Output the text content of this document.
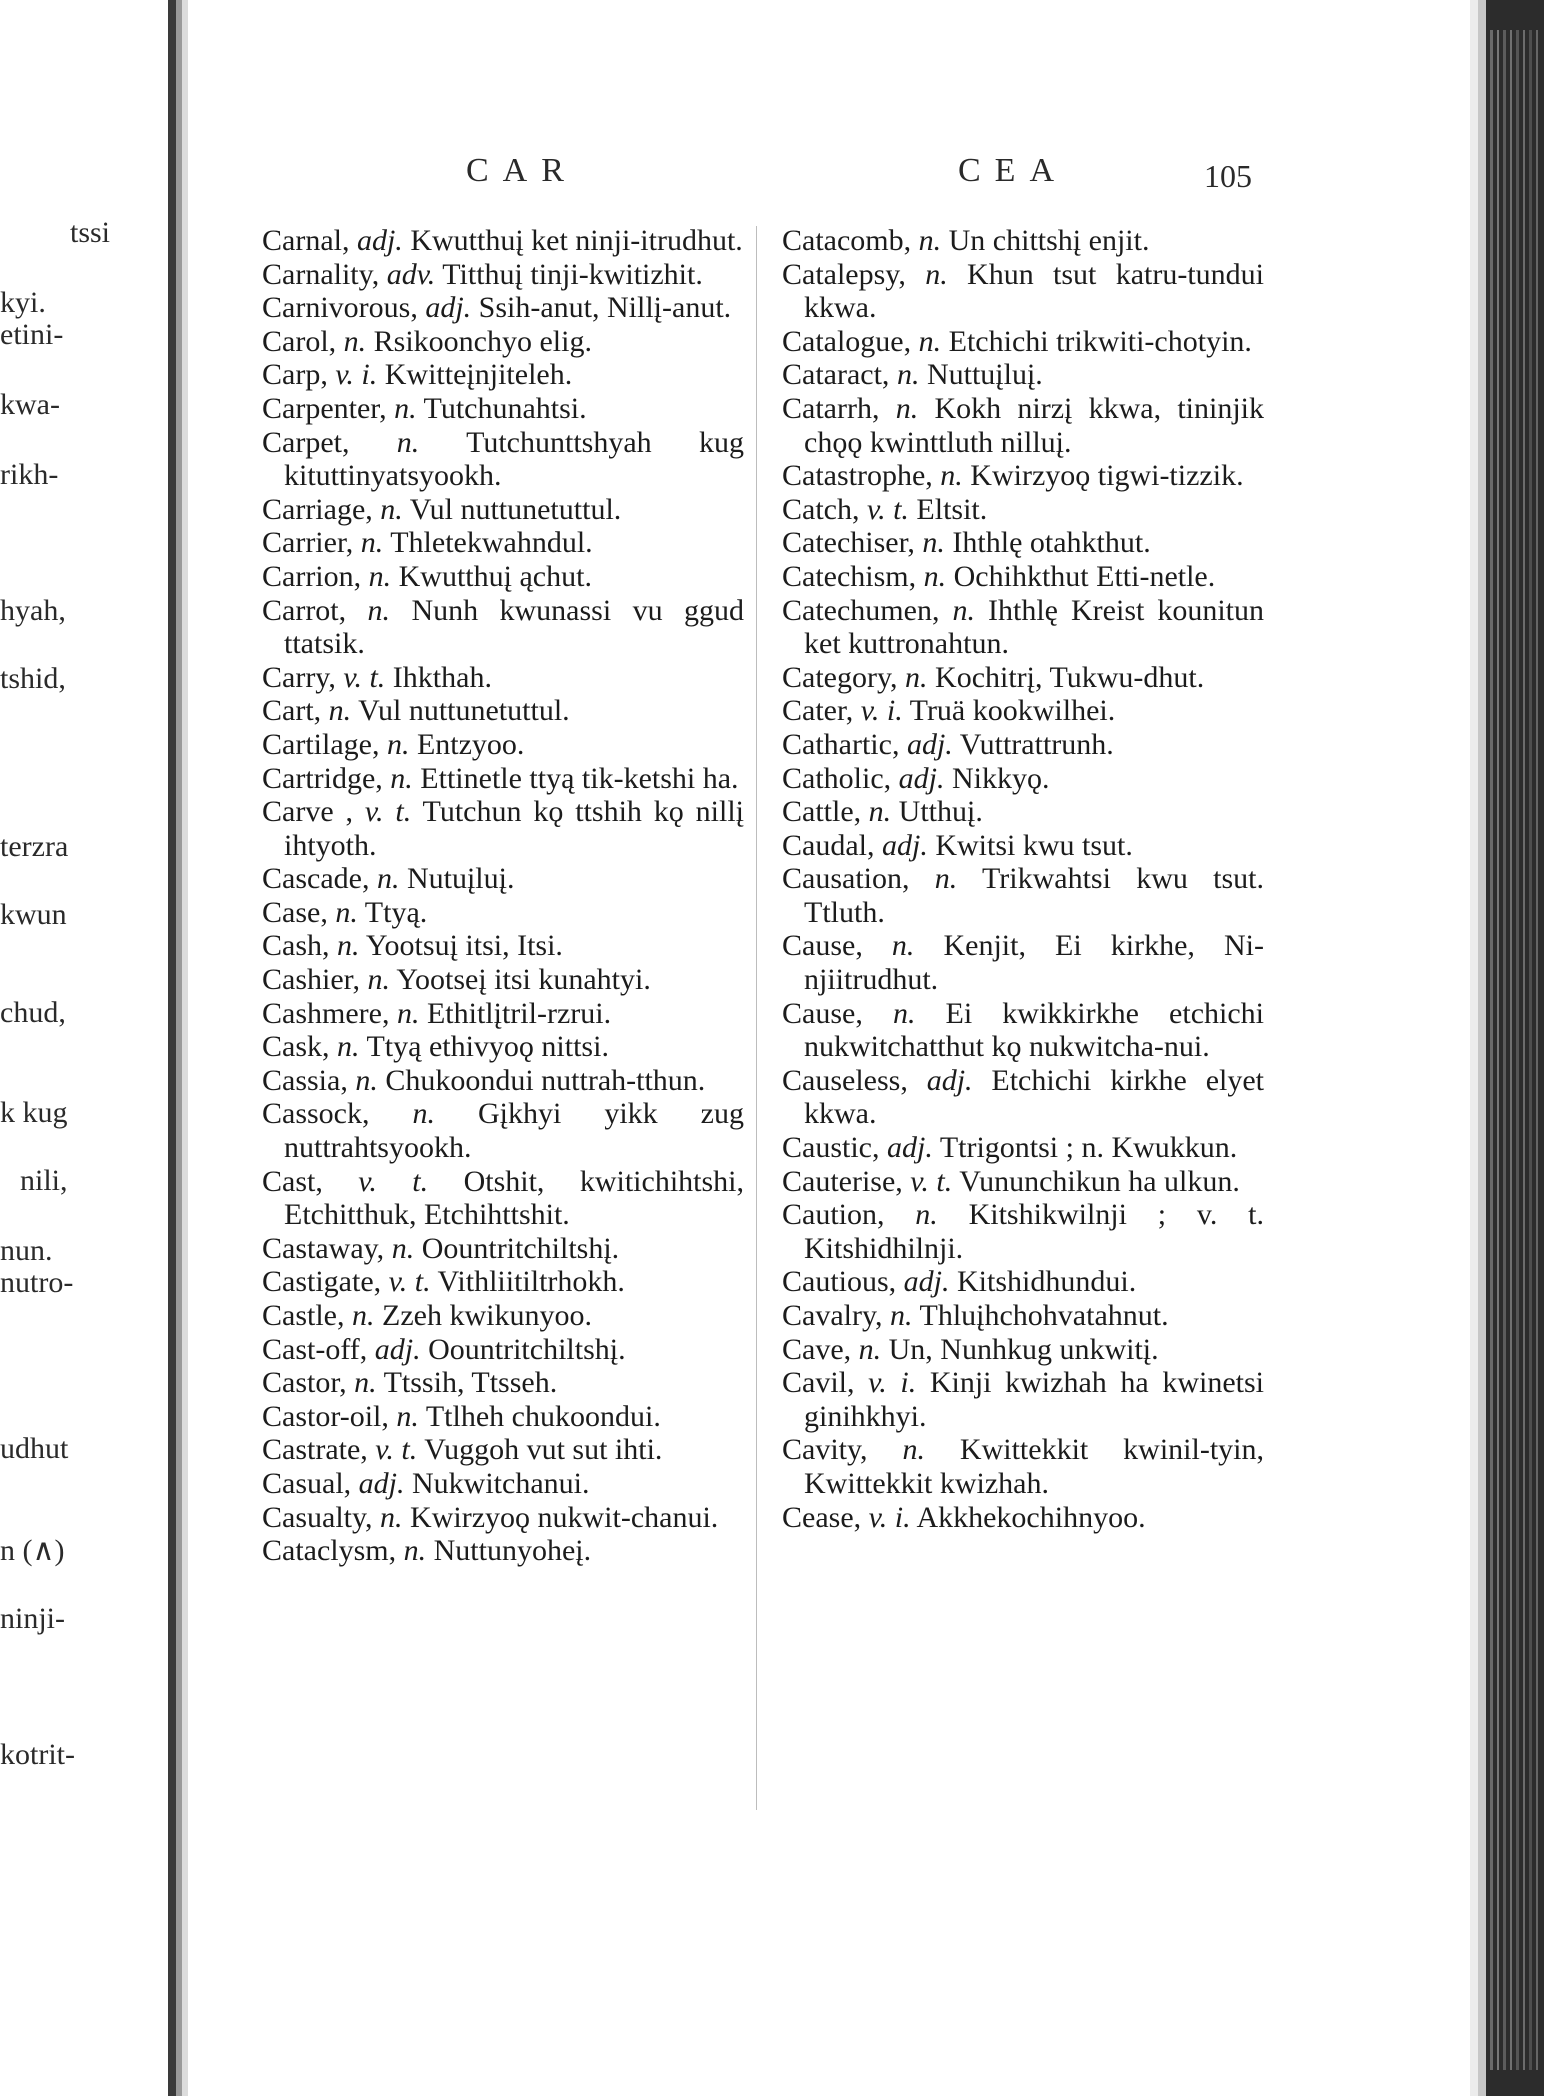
tssi
kyi.
etini-
kwa-
rikh-
hyah,
tshid,
terzra
kwun
chud,
k kug
nili,
nun.
nutro-
udhut
n (∧)
ninji-
kotrit-
CAR	CEA	105
Carnal, adj. Kwutthuį ket ninji-itrudhut.
Carnality, adv. Titthuį tinji-kwitizhit.
Carnivorous, adj. Ssih-anut, Nillį-anut.
Carol, n. Rsikoonchyo elig.
Carp, v. i. Kwitteįnjiteleh.
Carpenter, n. Tutchunahtsi.
Carpet, n. Tutchunttshyah kug kituttinyatsyookh.
Carriage, n. Vul nuttunetuttul.
Carrier, n. Thletekwahndul.
Carrion, n. Kwutthuį ąchut.
Carrot, n. Nunh kwunassi vu ggud ttatsik.
Carry, v. t. Ihkthah.
Cart, n. Vul nuttunetuttul.
Cartilage, n. Entzyoo.
Cartridge, n. Ettinetle ttyą tik-ketshi ha.
Carve , v. t. Tutchun kǫ ttshih kǫ nillį ihtyoth.
Cascade, n. Nutuįluį.
Case, n. Ttyą.
Cash, n. Yootsuį itsi, Itsi.
Cashier, n. Yootseį itsi kunahtyi.
Cashmere, n. Ethitlįtril-rzrui.
Cask, n. Ttyą ethivyoǫ nittsi.
Cassia, n. Chukoondui nuttrah-tthun.
Cassock, n. Gįkhyi yikk zug nuttrahtsyookh.
Cast, v. t. Otshit, kwitichihtshi, Etchitthuk, Etchihttshit.
Castaway, n. Oountritchiltshį.
Castigate, v. t. Vithliitiltrhokh.
Castle, n. Zzeh kwikunyoo.
Cast-off, adj. Oountritchiltshį.
Castor, n. Ttssih, Ttsseh.
Castor-oil, n. Ttlheh chukoondui.
Castrate, v. t. Vuggoh vut sut ihti.
Casual, adj. Nukwitchanui.
Casualty, n. Kwirzyoǫ nukwit-chanui.
Cataclysm, n. Nuttunyoheį.
Catacomb, n. Un chittshį enjit.
Catalepsy, n. Khun tsut katru-tundui kkwa.
Catalogue, n. Etchichi trikwiti-chotyin.
Cataract, n. Nuttuįluį.
Catarrh, n. Kokh nirzį kkwa, tininjik chǫǫ kwinttluth nilluį.
Catastrophe, n. Kwirzyoǫ tigwi-tizzik.
Catch, v. t. Eltsit.
Catechiser, n. Ihthlę otahkthut.
Catechism, n. Ochihkthut Etti-netle.
Catechumen, n. Ihthlę Kreist kounitun ket kuttronahtun.
Category, n. Kochitrį, Tukwu-dhut.
Cater, v. i. Truä kookwilhei.
Cathartic, adj. Vuttrattrunh.
Catholic, adj. Nikkyǫ.
Cattle, n. Utthuį.
Caudal, adj. Kwitsi kwu tsut.
Causation, n. Trikwahtsi kwu tsut. Ttluth.
Cause, n. Kenjit, Ei kirkhe, Ni-njiitrudhut.
Cause, n. Ei kwikkirkhe etchichi nukwitchatthut kǫ nukwitcha-nui.
Causeless, adj. Etchichi kirkhe elyet kkwa.
Caustic, adj. Ttrigontsi ; n. Kwukkun.
Cauterise, v. t. Vununchikun ha ulkun.
Caution, n. Kitshikwilnji ; v. t. Kitshidhilnji.
Cautious, adj. Kitshidhundui.
Cavalry, n. Thluįhchohvatahnut.
Cave, n. Un, Nunhkug unkwitį.
Cavil, v. i. Kinji kwizhah ha kwinetsi ginihkhyi.
Cavity, n. Kwittekkit kwinil-tyin, Kwittekkit kwizhah.
Cease, v. i. Akkhekochihnyoo.
